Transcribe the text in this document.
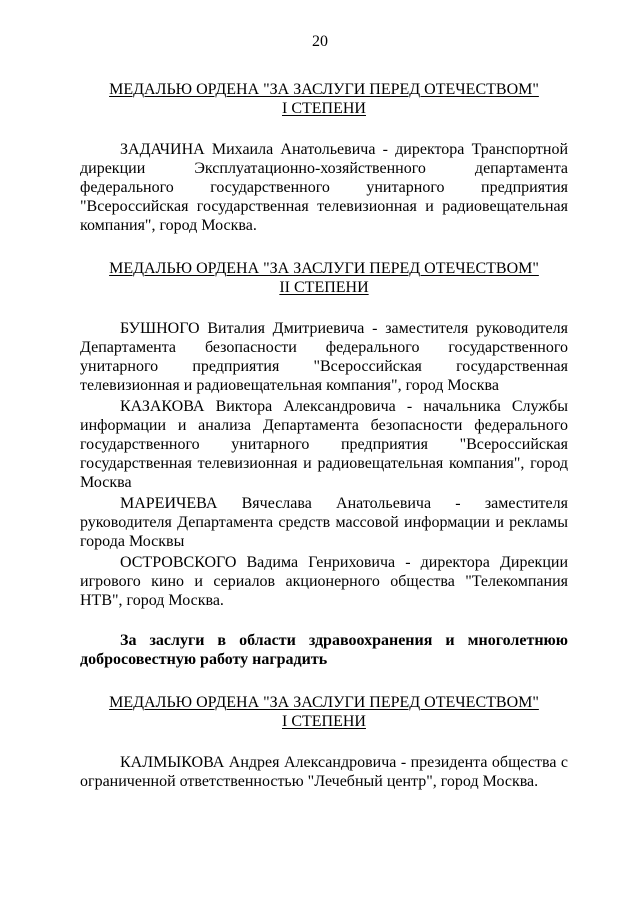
20
МЕДАЛЬЮ ОРДЕНА "ЗА ЗАСЛУГИ ПЕРЕД ОТЕЧЕСТВОМ"
I СТЕПЕНИ

ЗАДАЧИНА Михаила Анатольевича - директора Транспортной дирекции Эксплуатационно-хозяйственного департамента федерального государственного унитарного предприятия "Всероссийская государственная телевизионная и радиовещательная компания", город Москва.

МЕДАЛЬЮ ОРДЕНА "ЗА ЗАСЛУГИ ПЕРЕД ОТЕЧЕСТВОМ"
II СТЕПЕНИ

БУШНОГО Виталия Дмитриевича - заместителя руководителя Департамента безопасности федерального государственного унитарного предприятия "Всероссийская государственная телевизионная и радиовещательная компания", город Москва

КАЗАКОВА Виктора Александровича - начальника Службы информации и анализа Департамента безопасности федерального государственного унитарного предприятия "Всероссийская государственная телевизионная и радиовещательная компания", город Москва

МАРЕИЧЕВА Вячеслава Анатольевича - заместителя руководителя Департамента средств массовой информации и рекламы города Москвы

ОСТРОВСКОГО Вадима Генриховича - директора Дирекции игрового кино и сериалов акционерного общества "Телекомпания НТВ", город Москва.

За заслуги в области здравоохранения и многолетнюю добросовестную работу наградить

МЕДАЛЬЮ ОРДЕНА "ЗА ЗАСЛУГИ ПЕРЕД ОТЕЧЕСТВОМ"
I СТЕПЕНИ

КАЛМЫКОВА Андрея Александровича - президента общества с ограниченной ответственностью "Лечебный центр", город Москва.
